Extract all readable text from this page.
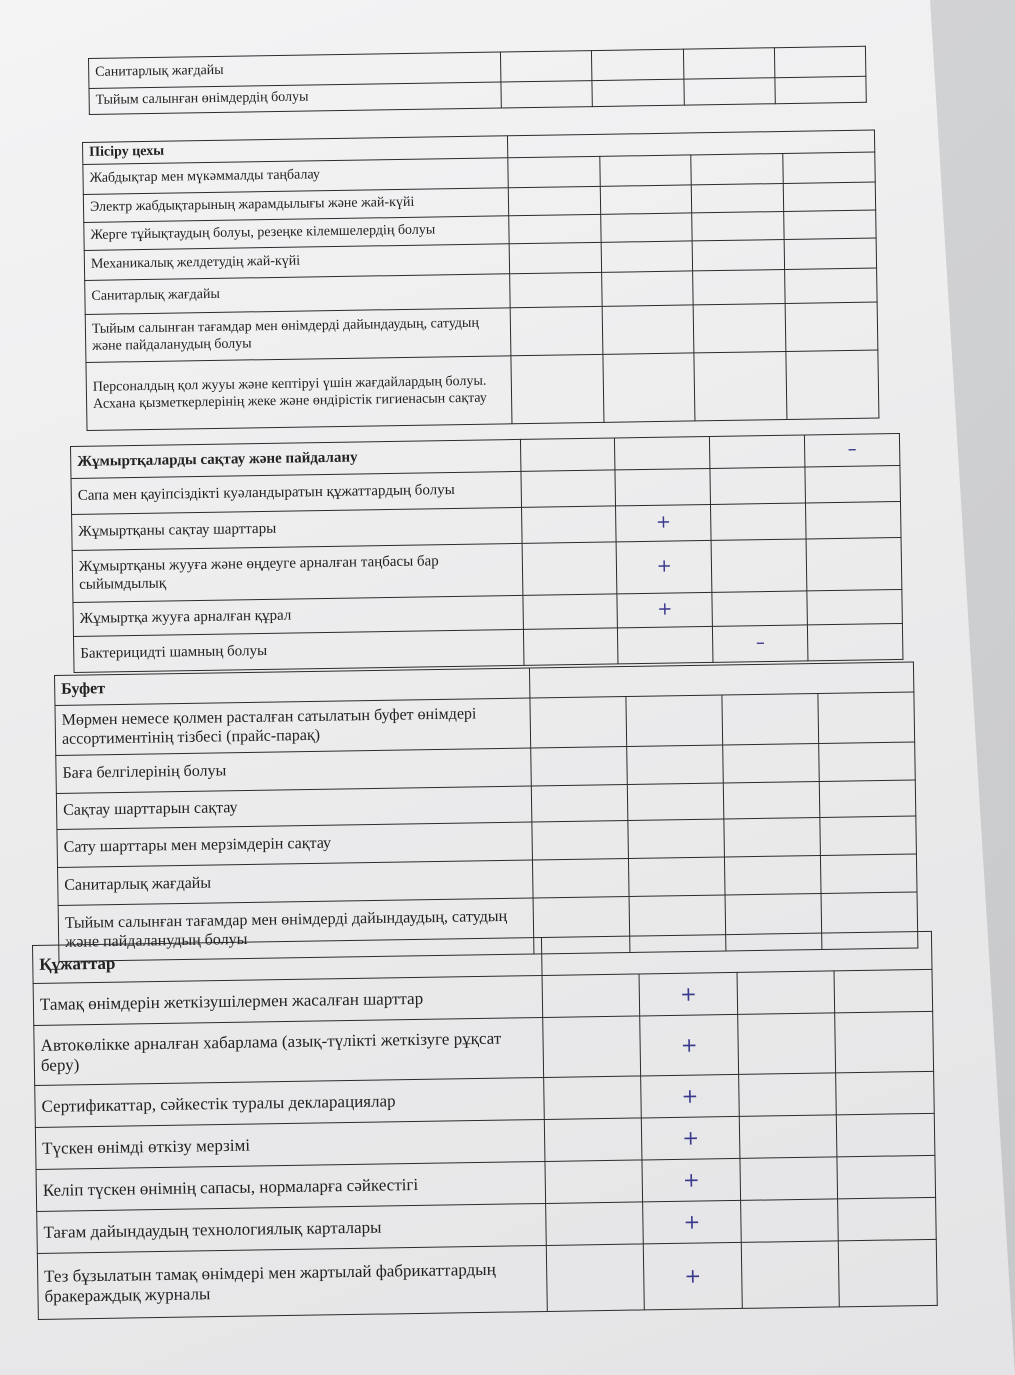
Санитарлық жағдайы				
Тыйым салынған өнімдердің болуы				
Пісіру цехы				
Жабдықтар мен мүкәммалды таңбалау				
Электр жабдықтарының жарамдылығы және жай-күйі				
Жерге тұйықтаудың болуы, резеңке кілемшелердің болуы				
Механикалық желдетудің жай-күйі				
Санитарлық жағдайы				
Тыйым салынған тағамдар мен өнімдерді дайындаудың, сатудың және пайдаланудың болуы				
Персоналдың қол жууы және кептіруі үшін жағдайлардың болуы. Асхана қызметкерлерінің жеке және өндірістік гигиенасын сақтау				
Жұмыртқаларды сақтау және пайдалану				–
Сапа мен қауіпсіздікті куәландыратын құжаттардың болуы				
Жұмыртқаны сақтау шарттары		+		
Жұмыртқаны жууға және өңдеуге арналған таңбасы бар сыйымдылық		+		
Жұмыртқа жууға арналған құрал		+		
Бактерицидті шамның болуы			–	
Буфет				
Мөрмен немесе қолмен расталған сатылатын буфет өнімдері ассортиментінің тізбесі (прайс-парақ)				
Баға белгілерінің болуы				
Сақтау шарттарын сақтау				
Сату шарттары мен мерзімдерін сақтау				
Санитарлық жағдайы				
Тыйым салынған тағамдар мен өнімдерді дайындаудың, сатудың және пайдаланудың болуы				
Құжаттар				
Тамақ өнімдерін жеткізушілермен жасалған шарттар		+		
Автокөлікке арналған хабарлама (азық-түлікті жеткізуге рұқсат беру)		+		
Сертификаттар, сәйкестік туралы декларациялар		+		
Түскен өнімді өткізу мерзімі		+		
Келіп түскен өнімнің сапасы, нормаларға сәйкестігі		+		
Тағам дайындаудың технологиялық карталары		+		
Тез бұзылатын тамақ өнімдері мен жартылай фабрикаттардың бракераждық журналы		+		
